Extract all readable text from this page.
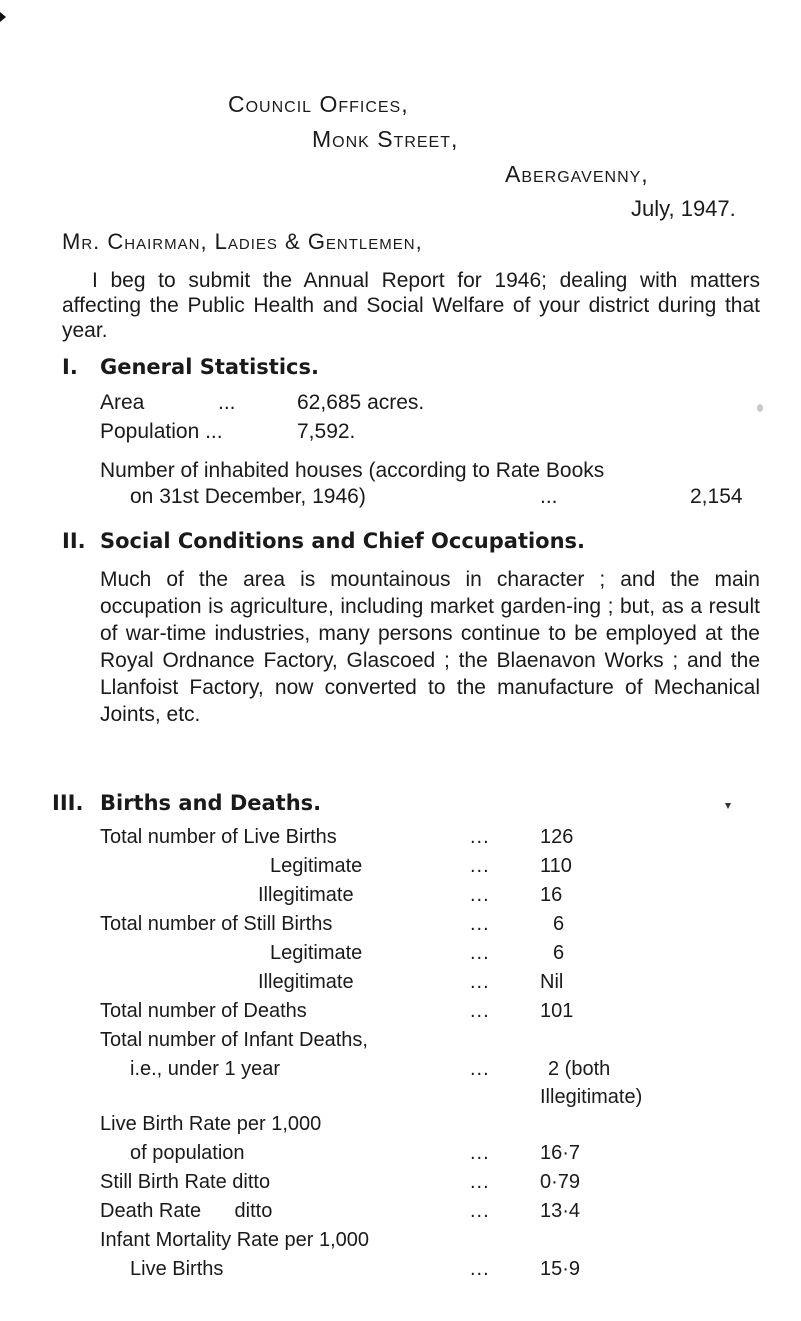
Council Offices,
Monk Street,
Abergavenny,
July, 1947.
Mr. Chairman, Ladies & Gentlemen,
I beg to submit the Annual Report for 1946; dealing with matters affecting the Public Health and Social Welfare of your district during that year.
I. General Statistics.
Area	...	62,685 acres.
Population ...	7,592.
Number of inhabited houses (according to Rate Books
on 31st December, 1946)	...	2,154
II. Social Conditions and Chief Occupations.
Much of the area is mountainous in character ; and the main occupation is agriculture, including market garden-ing ; but, as a result of war-time industries, many persons continue to be employed at the Royal Ordnance Factory, Glascoed ; the Blaenavon Works ; and the Llanfoist Factory, now converted to the manufacture of Mechanical Joints, etc.
III. Births and Deaths.
Total number of Live Births	...	126
Legitimate	...	110
Illegitimate	...	16
Total number of Still Births	...	6
Legitimate	...	6
Illegitimate	...	Nil
Total number of Deaths	...	101
Total number of Infant Deaths,
i.e., under 1 year	...	2 (both
Illegitimate)
Live Birth Rate per 1,000
of population	...	16·7
Still Birth Rate ditto	...	0·79
Death Rate      ditto	...	13·4
Infant Mortality Rate per 1,000
Live Births	...	15·9
